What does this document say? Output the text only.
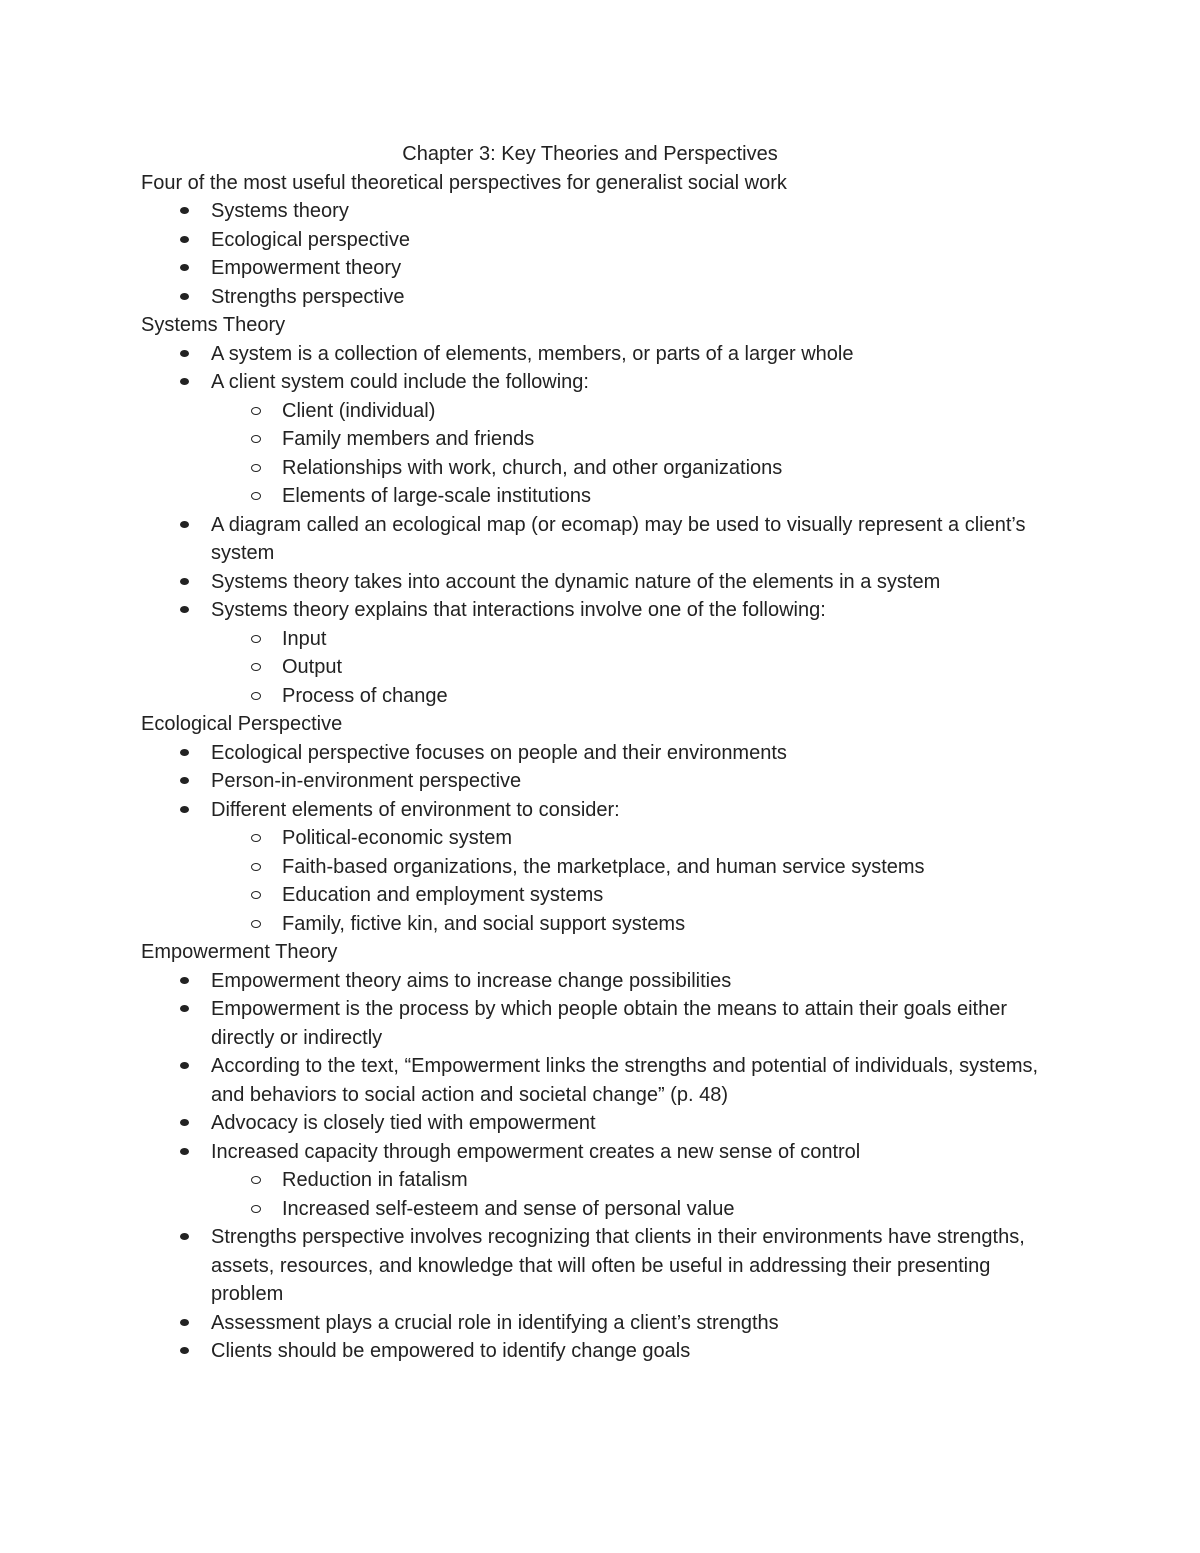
Chapter 3: Key Theories and Perspectives
Four of the most useful theoretical perspectives for generalist social work
Systems theory
Ecological perspective
Empowerment theory
Strengths perspective
Systems Theory
A system is a collection of elements, members, or parts of a larger whole
A client system could include the following:
Client (individual)
Family members and friends
Relationships with work, church, and other organizations
Elements of large-scale institutions
A diagram called an ecological map (or ecomap) may be used to visually represent a client’s system
Systems theory takes into account the dynamic nature of the elements in a system
Systems theory explains that interactions involve one of the following:
Input
Output
Process of change
Ecological Perspective
Ecological perspective focuses on people and their environments
Person-in-environment perspective
Different elements of environment to consider:
Political-economic system
Faith-based organizations, the marketplace, and human service systems
Education and employment systems
Family, fictive kin, and social support systems
Empowerment Theory
Empowerment theory aims to increase change possibilities
Empowerment is the process by which people obtain the means to attain their goals either directly or indirectly
According to the text, “Empowerment links the strengths and potential of individuals, systems, and behaviors to social action and societal change” (p. 48)
Advocacy is closely tied with empowerment
Increased capacity through empowerment creates a new sense of control
Reduction in fatalism
Increased self-esteem and sense of personal value
Strengths perspective involves recognizing that clients in their environments have strengths, assets, resources, and knowledge that will often be useful in addressing their presenting problem
Assessment plays a crucial role in identifying a client’s strengths
Clients should be empowered to identify change goals
